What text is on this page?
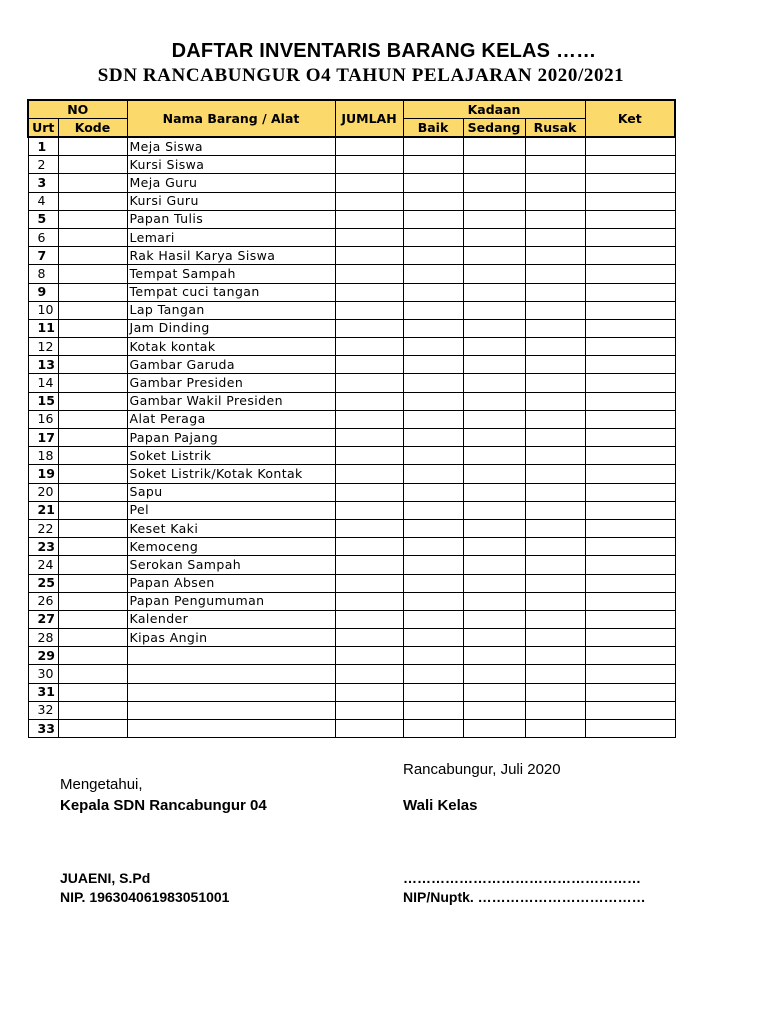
DAFTAR INVENTARIS BARANG KELAS ……
SDN RANCABUNGUR O4 TAHUN PELAJARAN 2020/2021
NO		Nama Barang / Alat	JUMLAH	Kadaan			Ket
Urt	Kode			Baik	Sedang	Rusak	
1		Meja Siswa					
2		Kursi Siswa					
3		Meja Guru					
4		Kursi Guru					
5		Papan Tulis					
6		Lemari					
7		Rak Hasil Karya Siswa					
8		Tempat Sampah					
9		Tempat cuci tangan					
10		Lap Tangan					
11		Jam Dinding					
12		Kotak kontak					
13		Gambar Garuda					
14		Gambar Presiden					
15		Gambar Wakil Presiden					
16		Alat Peraga					
17		Papan Pajang					
18		Soket Listrik					
19		Soket Listrik/Kotak Kontak					
20		Sapu					
21		Pel					
22		Keset Kaki					
23		Kemoceng					
24		Serokan Sampah					
25		Papan Absen					
26		Papan Pengumuman					
27		Kalender					
28		Kipas Angin					
29							
30							
31							
32							
33							
Rancabungur, Juli 2020
Mengetahui,
Kepala SDN Rancabungur 04	Wali Kelas
JUAENI, S.Pd	……………………………………………
NIP. 196304061983051001	NIP/Nuptk. ………………………………
